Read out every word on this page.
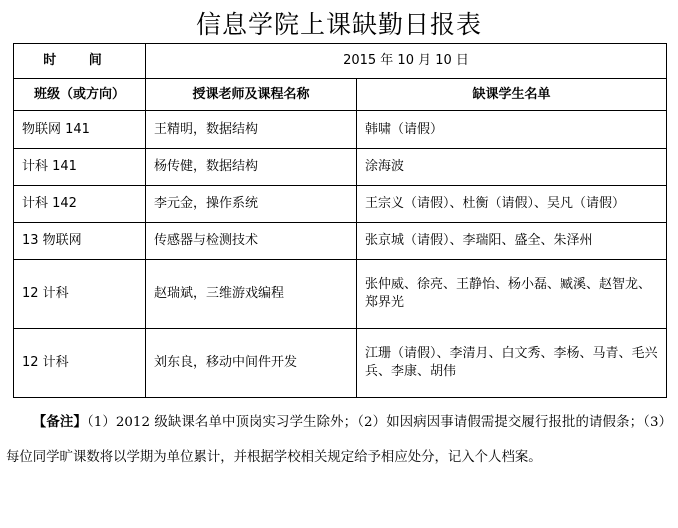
信息学院上课缺勤日报表
时 间	2015 年 10 月 10 日	
班级（或方向）	授课老师及课程名称	缺课学生名单
物联网 141	王精明，数据结构	韩啸（请假）
计科 141	杨传健，数据结构	涂海波
计科 142	李元金，操作系统	王宗义（请假）、杜衡（请假）、吴凡（请假）
13 物联网	传感器与检测技术	张京城（请假）、李瑞阳、盛全、朱泽州
12 计科	赵瑞斌，三维游戏编程	张仲威、徐亮、王静怡、杨小磊、臧溪、赵智龙、郑界光
12 计科	刘东良，移动中间件开发	江珊（请假）、李清月、白文秀、李杨、马青、毛兴兵、李康、胡伟
【备注】（1）2012 级缺课名单中顶岗实习学生除外；（2）如因病因事请假需提交履行报批的请假条；（3）每位同学旷课数将以学期为单位累计，并根据学校相关规定给予相应处分，记入个人档案。
